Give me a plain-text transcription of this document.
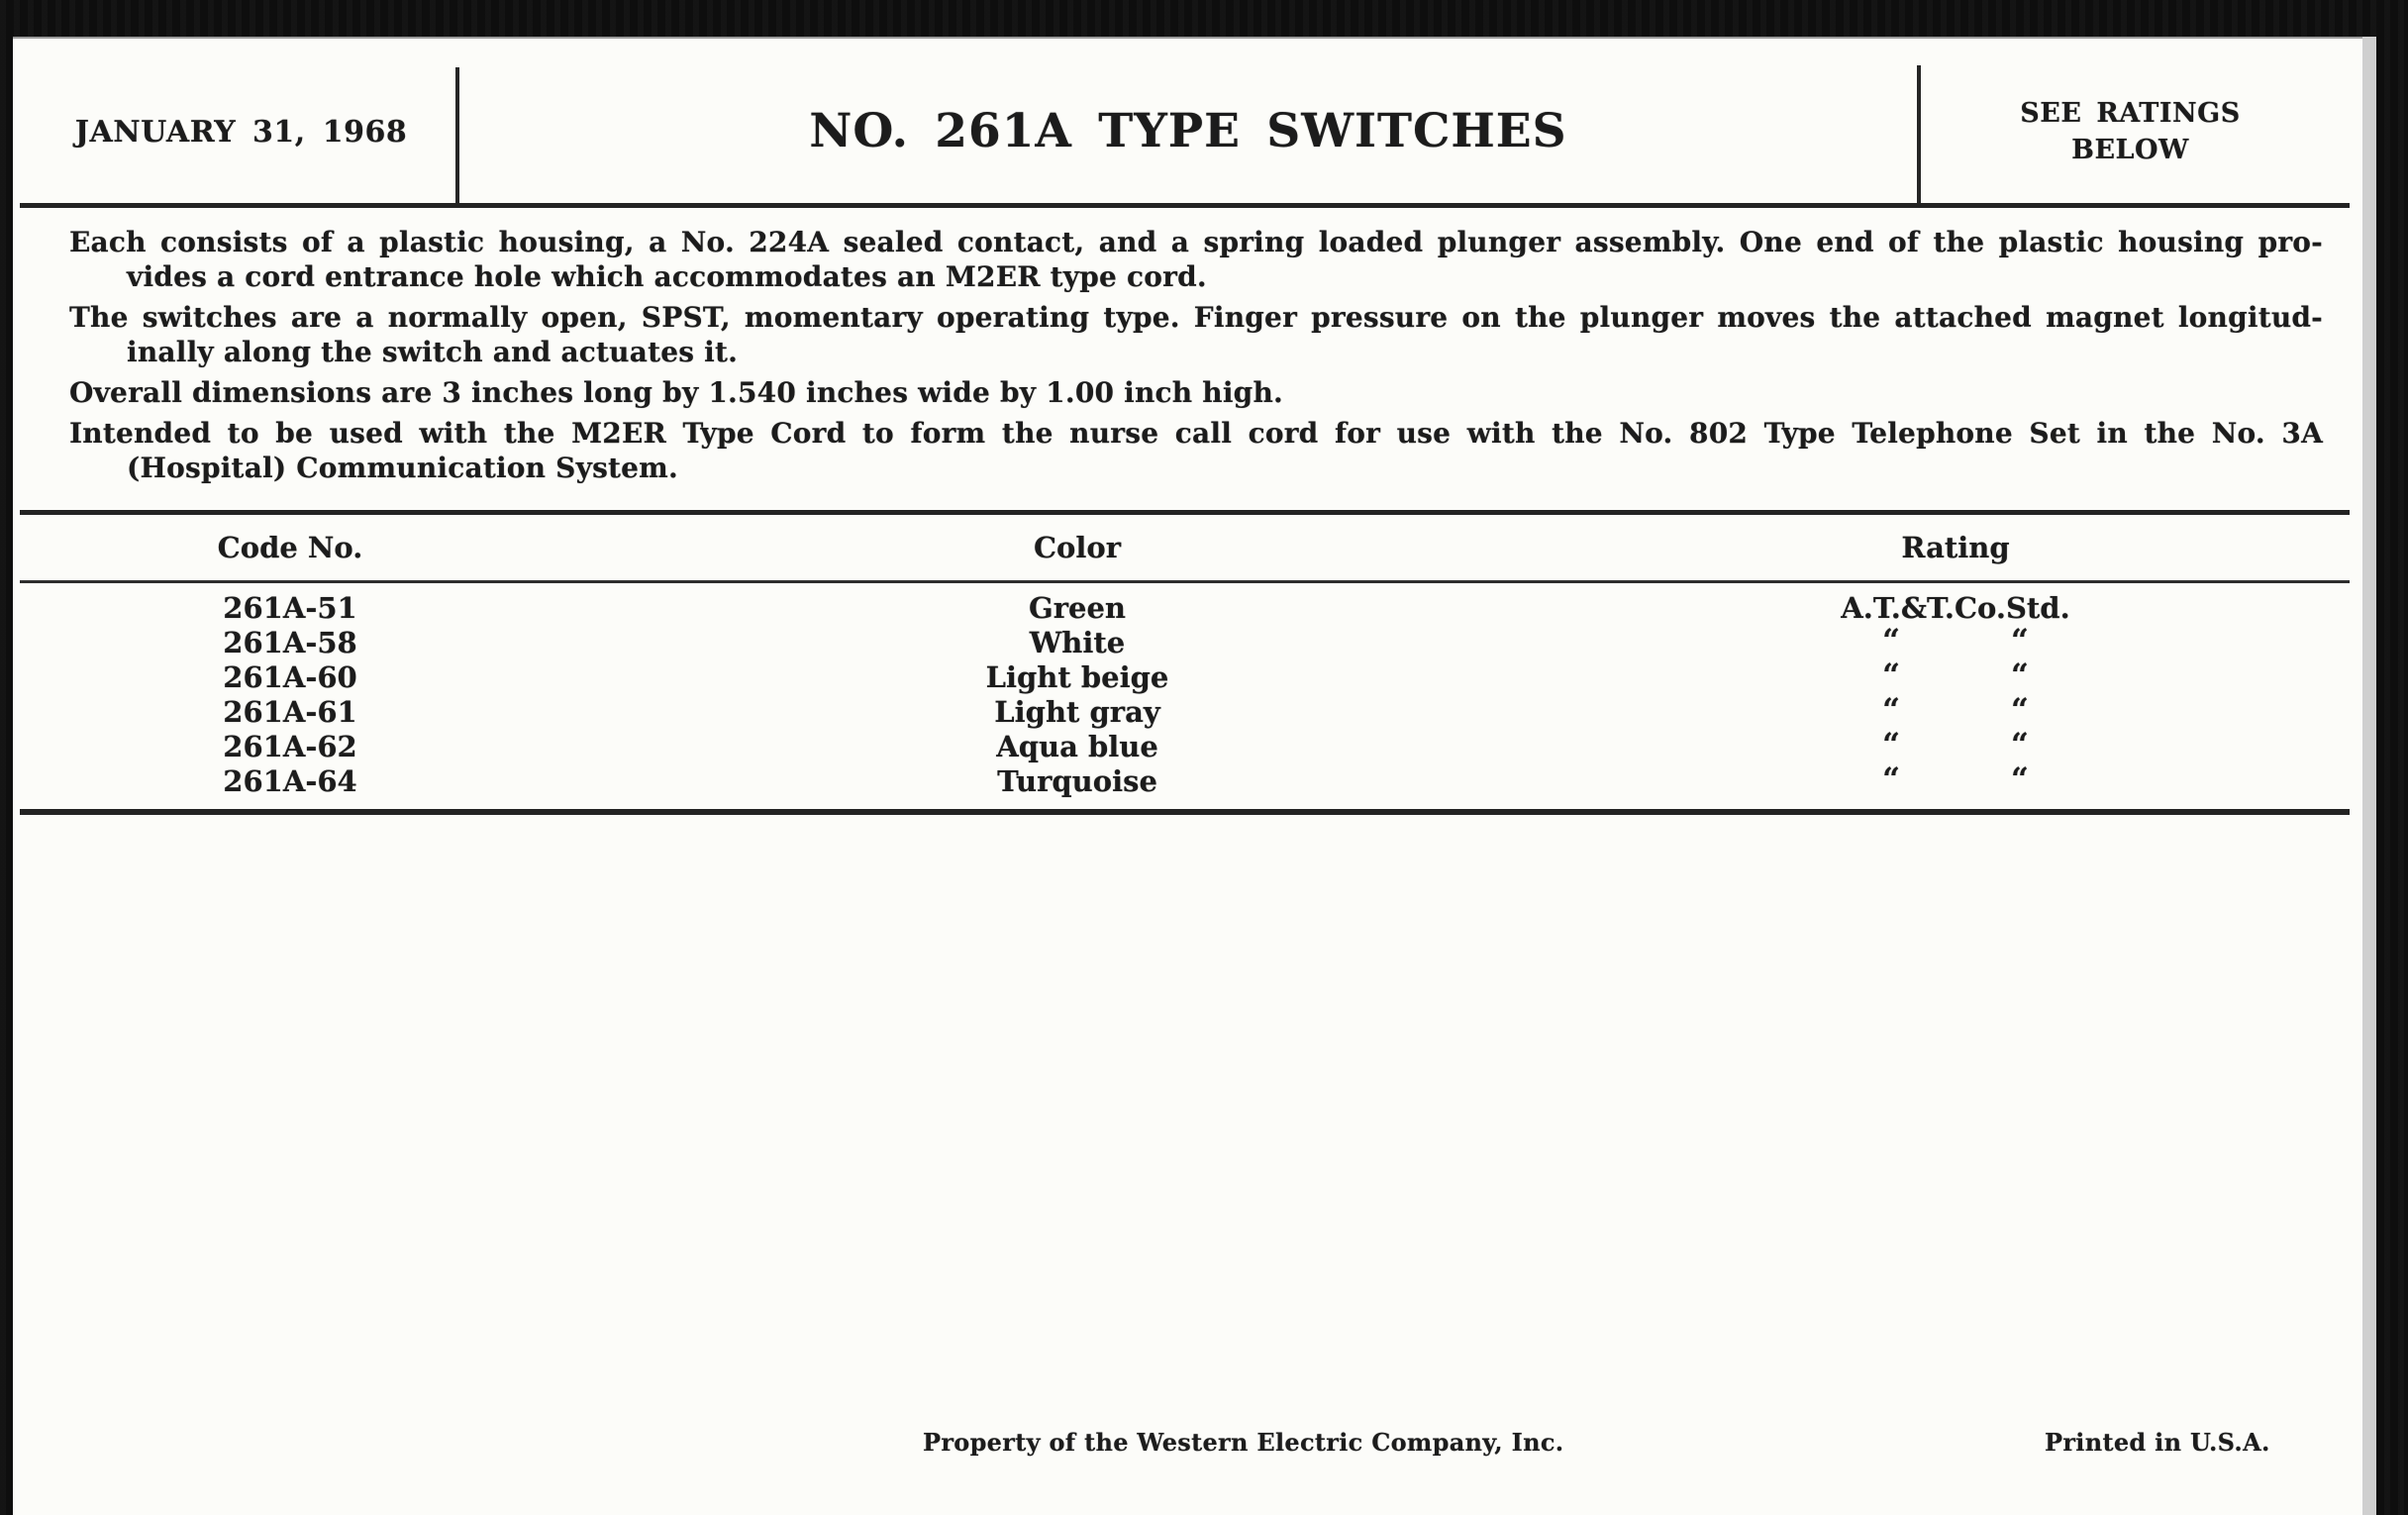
JANUARY 31, 1968	NO. 261A TYPE SWITCHES	SEE RATINGS
BELOW

Each consists of a plastic housing, a No. 224A sealed contact, and a spring loaded plunger assembly. One end of the plastic housing pro-
vides a cord entrance hole which accommodates an M2ER type cord.

The switches are a normally open, SPST, momentary operating type. Finger pressure on the plunger moves the attached magnet longitud-
inally along the switch and actuates it.

Overall dimensions are 3 inches long by 1.540 inches wide by 1.00 inch high.

Intended to be used with the M2ER Type Cord to form the nurse call cord for use with the No. 802 Type Telephone Set in the No. 3A
(Hospital) Communication System.

Code No.	Color	Rating
261A-51	Green	A.T.&T.Co.Std.
261A-58	White	“	“
261A-60	Light beige	“	“
261A-61	Light gray	“	“
261A-62	Aqua blue	“	“
261A-64	Turquoise	“	“
Property of the Western Electric Company, Inc.	Printed in U.S.A.
